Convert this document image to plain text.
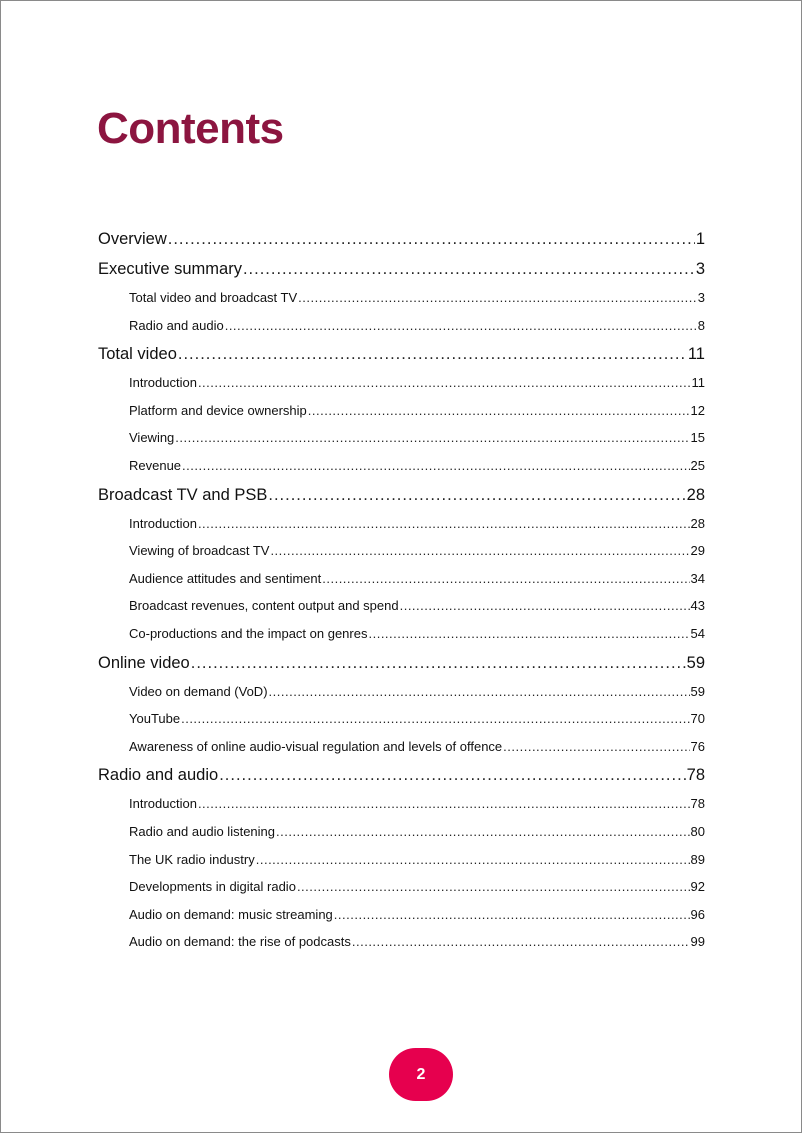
Contents
Overview .....	1
Executive summary .....	3
Total video and broadcast TV .....	3
Radio and audio .....	8
Total video .....	11
Introduction .....	11
Platform and device ownership .....	12
Viewing .....	15
Revenue .....	25
Broadcast TV and PSB .....	28
Introduction .....	28
Viewing of broadcast TV .....	29
Audience attitudes and sentiment .....	34
Broadcast revenues, content output and spend .....	43
Co-productions and the impact on genres .....	54
Online video .....	59
Video on demand (VoD) .....	59
YouTube .....	70
Awareness of online audio-visual regulation and levels of offence .....	76
Radio and audio .....	78
Introduction .....	78
Radio and audio listening .....	80
The UK radio industry .....	89
Developments in digital radio .....	92
Audio on demand: music streaming .....	96
Audio on demand: the rise of podcasts .....	99
2
